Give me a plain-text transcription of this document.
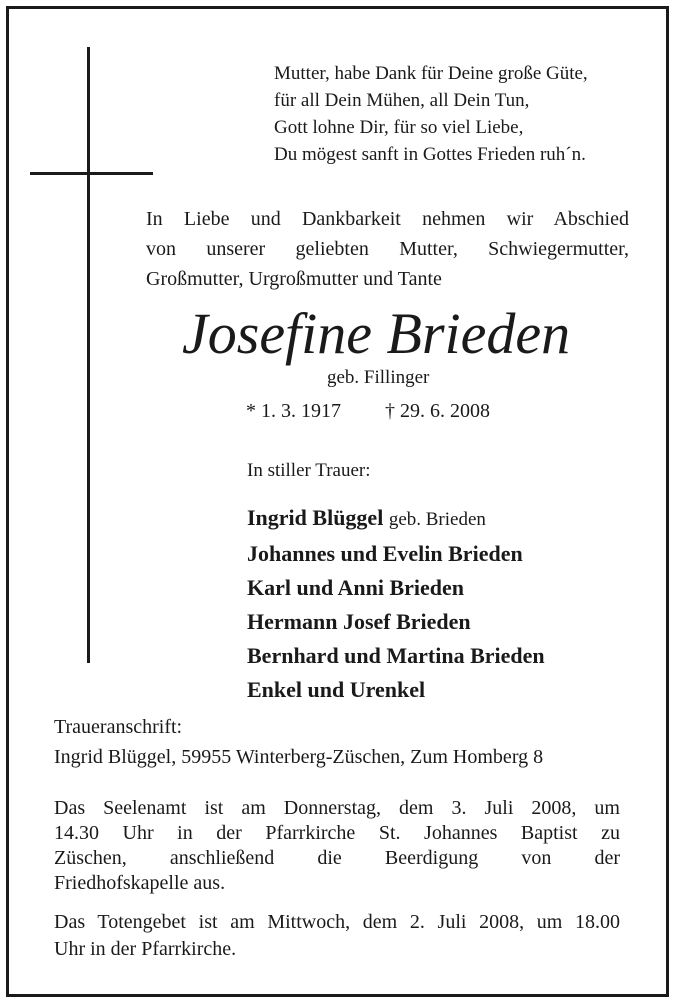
Mutter, habe Dank für Deine große Güte,
für all Dein Mühen, all Dein Tun,
Gott lohne Dir, für so viel Liebe,
Du mögest sanft in Gottes Frieden ruh´n.
In Liebe und Dankbarkeit nehmen wir Abschied
von unserer geliebten Mutter, Schwiegermutter,
Großmutter, Urgroßmutter und Tante
Josefine Brieden
geb. Fillinger
* 1. 3. 1917 † 29. 6. 2008
In stiller Trauer:
Ingrid Blüggel geb. Brieden
Johannes und Evelin Brieden
Karl und Anni Brieden
Hermann Josef Brieden
Bernhard und Martina Brieden
Enkel und Urenkel
Traueranschrift:
Ingrid Blüggel, 59955 Winterberg-Züschen, Zum Homberg 8
Das Seelenamt ist am Donnerstag, dem 3. Juli 2008, um
14.30 Uhr in der Pfarrkirche St. Johannes Baptist zu
Züschen, anschließend die Beerdigung von der
Friedhofskapelle aus.
Das Totengebet ist am Mittwoch, dem 2. Juli 2008, um 18.00
Uhr in der Pfarrkirche.
